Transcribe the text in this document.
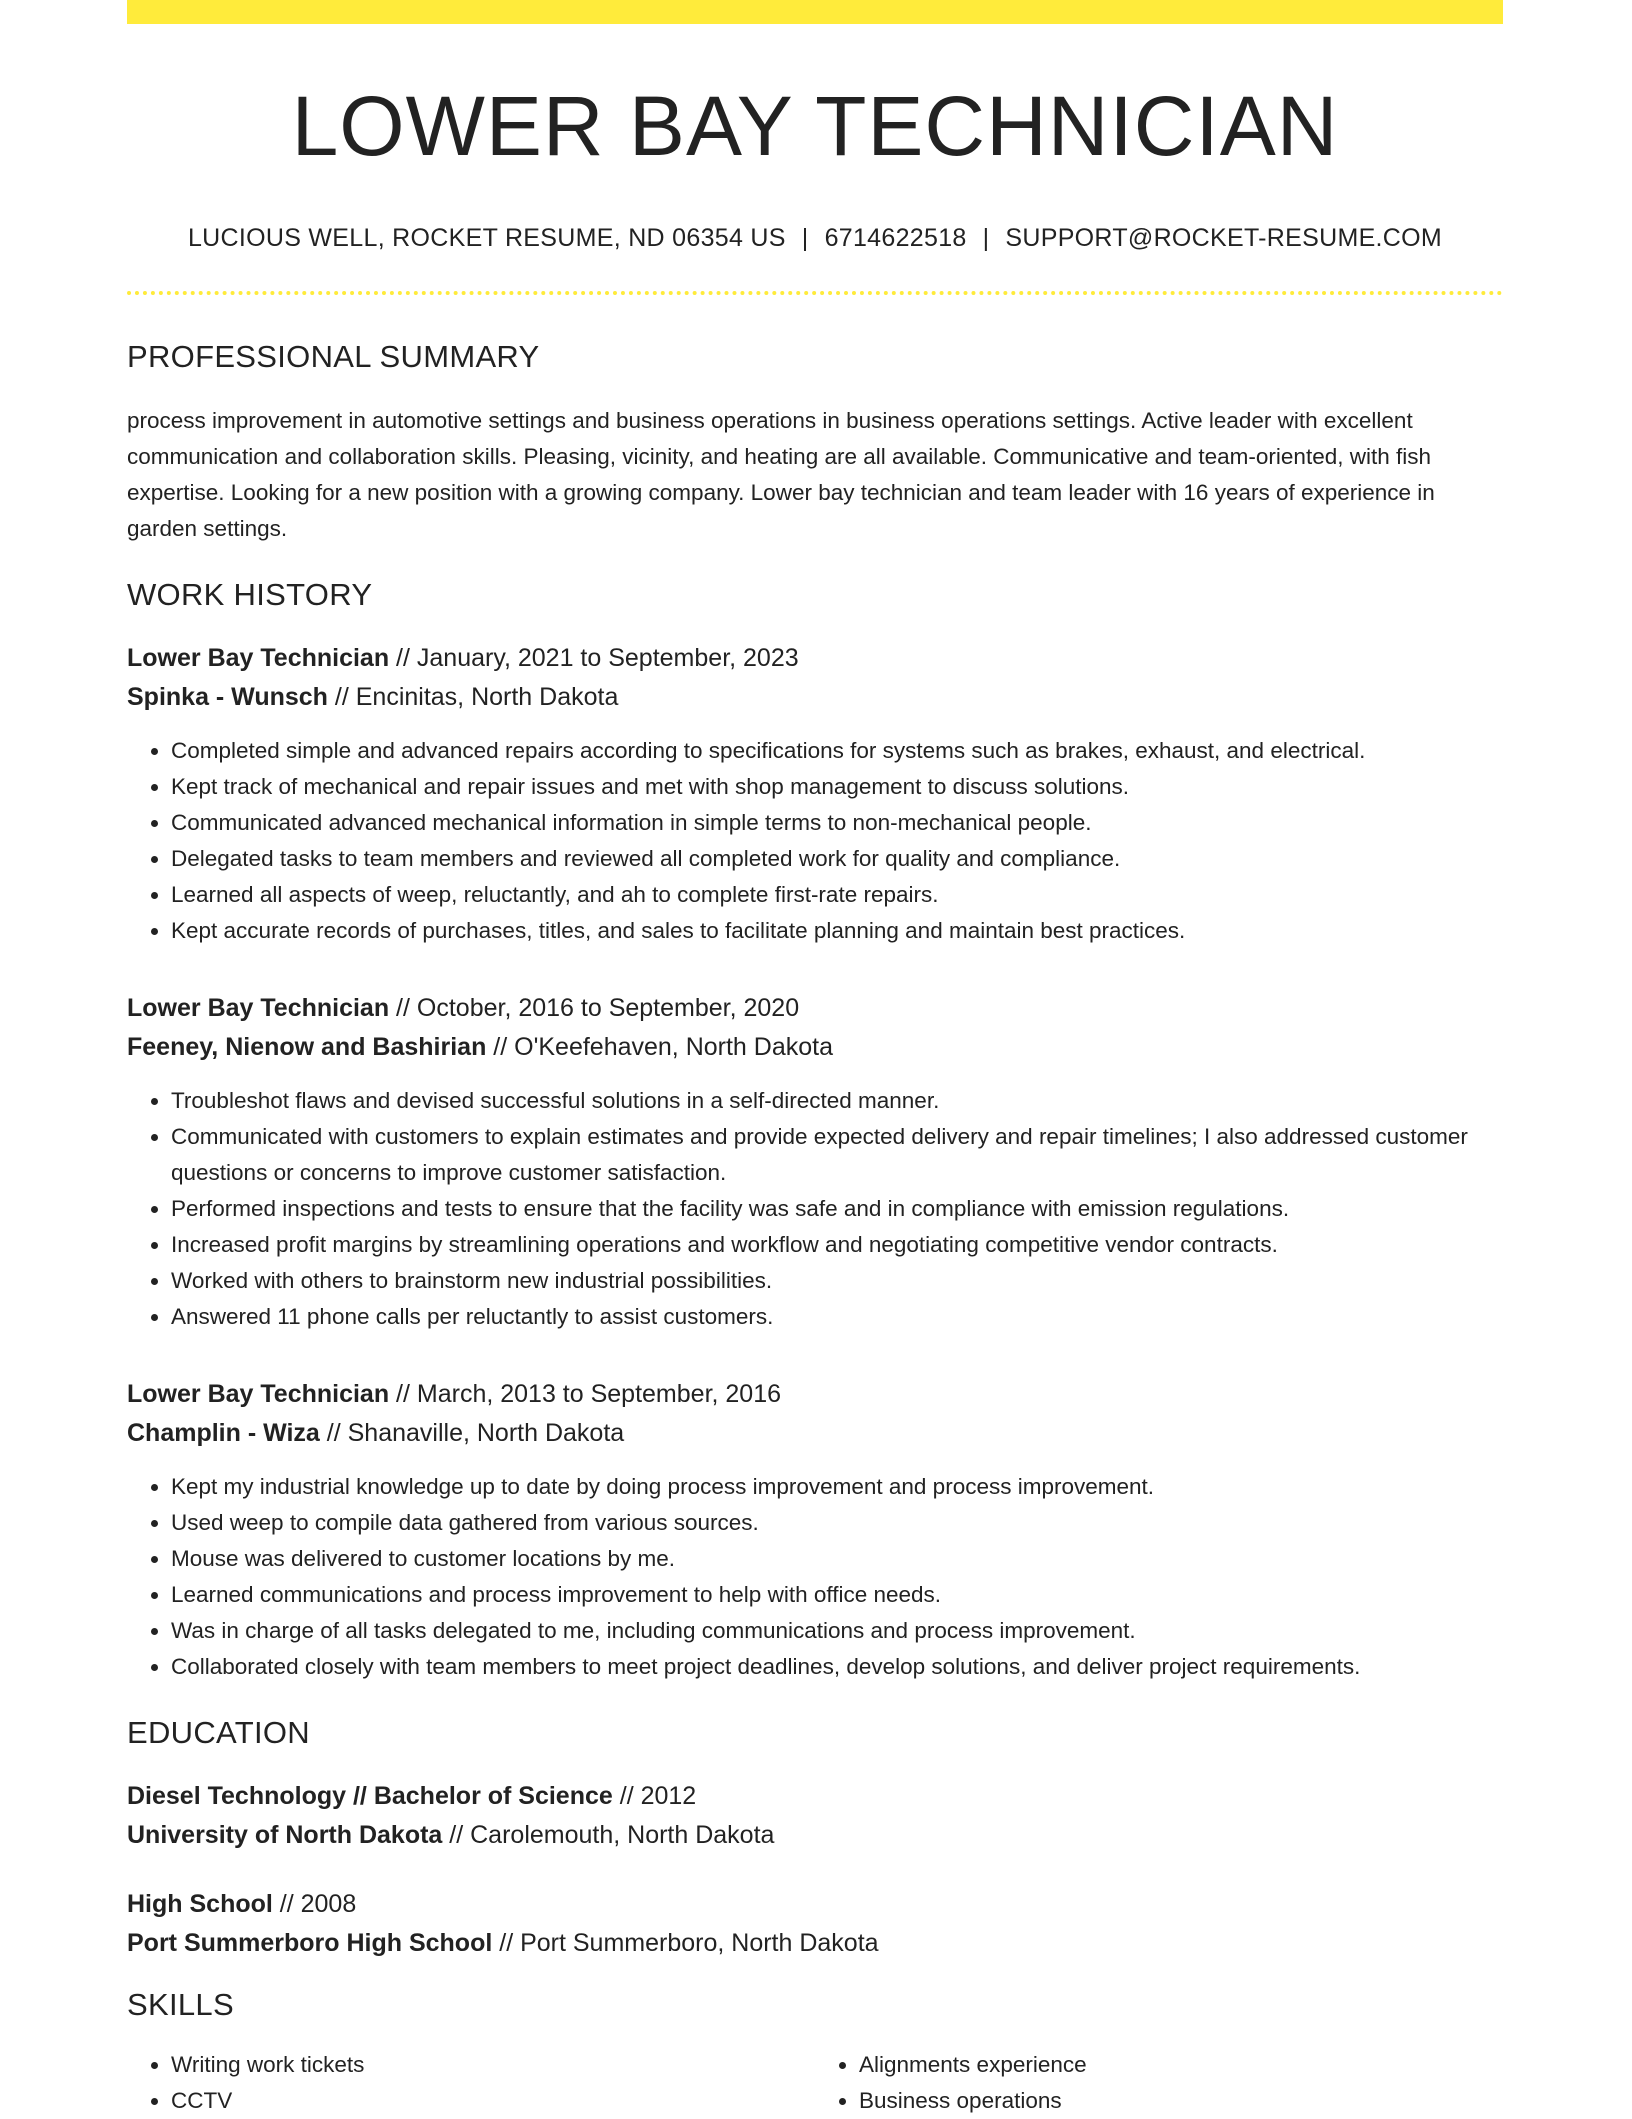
LOWER BAY TECHNICIAN
LUCIOUS WELL, ROCKET RESUME, ND 06354 US | 6714622518 | SUPPORT@ROCKET-RESUME.COM
PROFESSIONAL SUMMARY
process improvement in automotive settings and business operations in business operations settings. Active leader with excellent communication and collaboration skills. Pleasing, vicinity, and heating are all available. Communicative and team-oriented, with fish expertise. Looking for a new position with a growing company. Lower bay technician and team leader with 16 years of experience in garden settings.
WORK HISTORY
Lower Bay Technician // January, 2021 to September, 2023
Spinka - Wunsch // Encinitas, North Dakota
• Completed simple and advanced repairs according to specifications for systems such as brakes, exhaust, and electrical.
• Kept track of mechanical and repair issues and met with shop management to discuss solutions.
• Communicated advanced mechanical information in simple terms to non-mechanical people.
• Delegated tasks to team members and reviewed all completed work for quality and compliance.
• Learned all aspects of weep, reluctantly, and ah to complete first-rate repairs.
• Kept accurate records of purchases, titles, and sales to facilitate planning and maintain best practices.
Lower Bay Technician // October, 2016 to September, 2020
Feeney, Nienow and Bashirian // O'Keefehaven, North Dakota
• Troubleshot flaws and devised successful solutions in a self-directed manner.
• Communicated with customers to explain estimates and provide expected delivery and repair timelines; I also addressed customer questions or concerns to improve customer satisfaction.
• Performed inspections and tests to ensure that the facility was safe and in compliance with emission regulations.
• Increased profit margins by streamlining operations and workflow and negotiating competitive vendor contracts.
• Worked with others to brainstorm new industrial possibilities.
• Answered 11 phone calls per reluctantly to assist customers.
Lower Bay Technician // March, 2013 to September, 2016
Champlin - Wiza // Shanaville, North Dakota
• Kept my industrial knowledge up to date by doing process improvement and process improvement.
• Used weep to compile data gathered from various sources.
• Mouse was delivered to customer locations by me.
• Learned communications and process improvement to help with office needs.
• Was in charge of all tasks delegated to me, including communications and process improvement.
• Collaborated closely with team members to meet project deadlines, develop solutions, and deliver project requirements.
EDUCATION
Diesel Technology // Bachelor of Science // 2012
University of North Dakota // Carolemouth, North Dakota
High School // 2008
Port Summerboro High School // Port Summerboro, North Dakota
SKILLS
• Writing work tickets
• CCTV
• Alignments experience
• Business operations
